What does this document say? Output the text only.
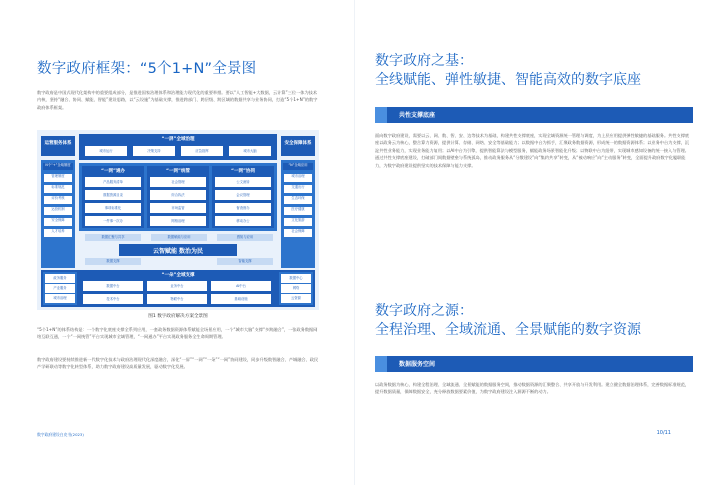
数字政府框架：“5个1+N”全景图
数字政府是中国式现代化架构中的重要组成部分，是推进国家治理体系和治理能力现代化的重要举措。要以“人工智能+大数据，云计算”三位一体为技术内核，坚持“融合、协同、赋能、智能”建设思路，以“云设施”为基础支撑，推进跨部门、跨层级、跨区域的数据共享与业务协同，打造“5个1+N”的数字政府体系框架。
运营服务体系
N个“+”全域制度
管理制度
标准规范
评价考核
运营机制
安全保障
人才培养
安全保障体系
“N”全域应用
城市治理
交通出行
生态环保
医疗健康
文化旅游
社会保障
“一屏”全域治理
城市运行	决策支持	应急指挥	城市大脑
“一网”通办
产品服务清单
数据资源目录
事项标准化
一件事一次办
“一网”统管
社会管理
综合执法
市场监管
网格治理
“一网”协同
公文流转
会议管理
督查督办
移动办公
数据汇聚与共享	数据赋能与应用	感知与应用
云智赋能 数治为民
数据支撑	智能支撑
政务服务
产业服务
城市治理
“一朵”全域支撑
数据中台	业务中台	AI中台
技术中台	物联中台	基础设施
数据中心
网络
云资源
图1 数字政府解决方案全景图
“5个1+N”的体系结构是：一个数字化底座支撑全系列应用，一套政务数据资源体系赋能全场景应用，一个“城市大脑”支撑“多跨融合”，一张政务数据网络互联互通，一个“一网统管”平台实现城市全域管理，“一网通办”平台实现政务服务全生命周期管理。
数字政府建设要持续推进新一代数字化技术与政府治理现代化深度融合，深化“一屏”“一网”“一朵”“一网”协同建设，同步升级数智融合、产城融合、政民产学研联动等数字化转型体系，助力数字政府建设高质量发展，驱动数字化发展。
数字政府建设白皮书(2023)
数字政府之基：
全线赋能、弹性敏捷、智能高效的数字底座
共性支撑底座
面向数字政府建设，需要以云、网、数、智、安、边等技术为基础，构建共性支撑底座，实现全域资源统一管理与调度，为上层应用提供弹性敏捷的基础服务。共性支撑底座以政务云为核心，整合算力资源，提供计算、存储、网络、安全等基础能力；以数据中台为抓手，汇聚政务数据资源，形成统一的数据资源体系；以业务中台为支撑，沉淀共性业务能力，实现业务能力复用；以AI中台为引擎，提供智能算法与模型服务，赋能政务场景智能化升级；以物联中台为纽带，实现城市感知设备的统一接入与管理。通过共性支撑底座建设，打破部门间数据壁垒与系统孤岛，推动政务服务从“分散建设”向“集约共享”转变，从“被动响应”向“主动服务”转变，全面提升政府数字化履职能力，为数字政府建设提供坚实的技术保障与能力支撑。
数字政府之源：
全程治理、全域流通、全景赋能的数字资源
数据服务空间
以政务数据为核心，构建全程治理、全域流通、全景赋能的数据服务空间，推动数据资源的汇聚整合、共享开放与开发利用。建立健全数据治理体系，完善数据标准规范，提升数据质量，保障数据安全，充分释放数据要素价值，为数字政府建设注入源源不断的动力。
10/11
